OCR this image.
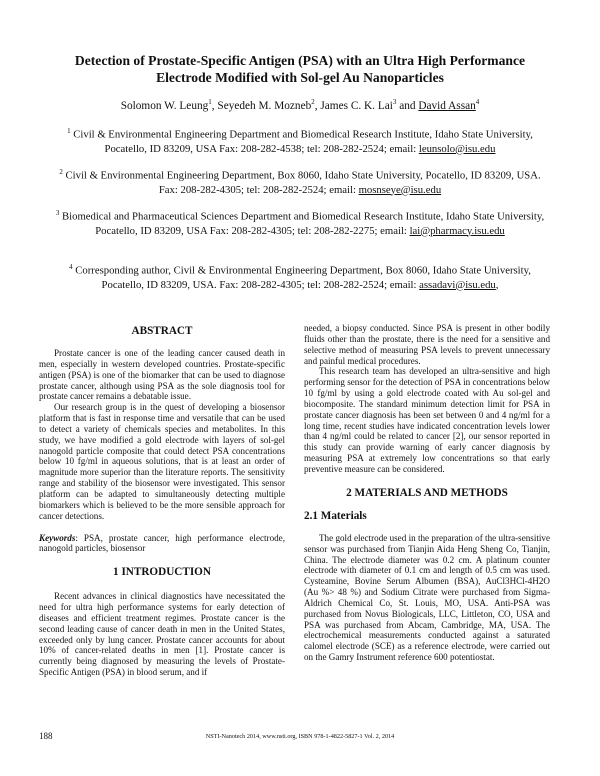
Detection of Prostate-Specific Antigen (PSA) with an Ultra High Performance
Electrode Modified with Sol-gel Au Nanoparticles
Solomon W. Leung$^1$, Seyedeh M. Mozneb$^2$, James C. K. Lai$^3$ and David Assan$^4$
$^1$ Civil & Environmental Engineering Department and Biomedical Research Institute, Idaho State University, Pocatello, ID 83209, USA Fax: 208-282-4538; tel: 208-282-2524; email: leunsolo@isu.edu
$^2$ Civil & Environmental Engineering Department, Box 8060, Idaho State University, Pocatello, ID 83209, USA. Fax: 208-282-4305; tel: 208-282-2524; email: mosnseye@isu.edu
$^3$ Biomedical and Pharmaceutical Sciences Department and Biomedical Research Institute, Idaho State University, Pocatello, ID 83209, USA Fax: 208-282-4305; tel: 208-282-2275; email: lai@pharmacy.isu.edu
$^4$ Corresponding author, Civil & Environmental Engineering Department, Box 8060, Idaho State University, Pocatello, ID 83209, USA. Fax: 208-282-4305; tel: 208-282-2524; email: assadavi@isu.edu,
ABSTRACT

Prostate cancer is one of the leading cancer caused death in men, especially in western developed countries. Prostate-specific antigen (PSA) is one of the biomarker that can be used to diagnose prostate cancer, although using PSA as the sole diagnosis tool for prostate cancer remains a debatable issue.

Our research group is in the quest of developing a biosensor platform that is fast in response time and versatile that can be used to detect a variety of chemicals species and metabolites. In this study, we have modified a gold electrode with layers of sol-gel nanogold particle composite that could detect PSA concentrations below 10 fg/ml in aqueous solutions, that is at least an order of magnitude more superior than the literature reports. The sensitivity range and stability of the biosensor were investigated. This sensor platform can be adapted to simultaneously detecting multiple biomarkers which is believed to be the more sensible approach for cancer detections.

Keywords: PSA, prostate cancer, high performance electrode, nanogold particles, biosensor

1 INTRODUCTION

Recent advances in clinical diagnostics have necessitated the need for ultra high performance systems for early detection of diseases and efficient treatment regimes. Prostate cancer is the second leading cause of cancer death in men in the United States, exceeded only by lung cancer. Prostate cancer accounts for about 10% of cancer-related deaths in men [1]. Prostate cancer is currently being diagnosed by measuring the levels of Prostate-Specific Antigen (PSA) in blood serum, and if

needed, a biopsy conducted. Since PSA is present in other bodily fluids other than the prostate, there is the need for a sensitive and selective method of measuring PSA levels to prevent unnecessary and painful medical procedures.

This research team has developed an ultra-sensitive and high performing sensor for the detection of PSA in concentrations below 10 fg/ml by using a gold electrode coated with Au sol-gel and biocomposite. The standard minimum detection limit for PSA in prostate cancer diagnosis has been set between 0 and 4 ng/ml for a long time, recent studies have indicated concentration levels lower than 4 ng/ml could be related to cancer [2], our sensor reported in this study can provide warning of early cancer diagnosis by measuring PSA at extremely low concentrations so that early preventive measure can be considered.

2 MATERIALS AND METHODS
2.1 Materials

The gold electrode used in the preparation of the ultra-sensitive sensor was purchased from Tianjin Aida Heng Sheng Co, Tianjin, China. The electrode diameter was 0.2 cm. A platinum counter electrode with diameter of 0.1 cm and length of 0.5 cm was used. Cysteamine, Bovine Serum Albumen (BSA), AuCl3HCl-4H2O (Au %> 48 %) and Sodium Citrate were purchased from Sigma-Aldrich Chemical Co, St. Louis, MO, USA. Anti-PSA was purchased from Novus Biologicals, LLC, Littleton, CO, USA and PSA was purchased from Abcam, Cambridge, MA, USA. The electrochemical measurements conducted against a saturated calomel electrode (SCE) as a reference electrode, were carried out on the Gamry Instrument reference 600 potentiostat.

188	NSTI-Nanotech 2014, www.nsti.org, ISBN 978-1-4822-5827-1 Vol. 2, 2014
